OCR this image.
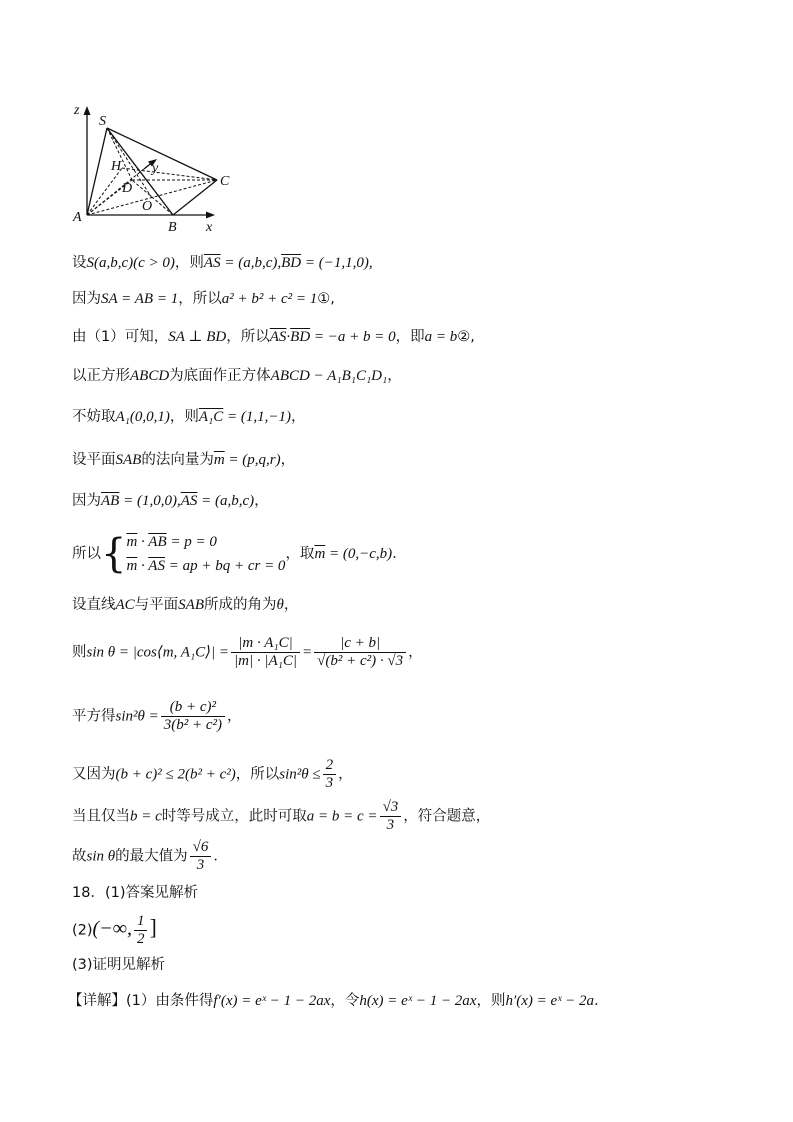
z
S
H y
D	C
O
A
B x
设S(a,b,c)(c > 0)，则$\overline{AS} = (a,b,c),\overline{BD} = (-1,1,0)$,
因为SA = AB = 1，所以a² + b² + c² = 1①,
由（1）可知，SA ⊥ BD，所以$\overline{AS}\cdot\overline{BD} = -a + b = 0$，即a = b②,
以正方形ABCD为底面作正方体ABCD − A₁B₁C₁D₁，
不妨取A₁(0,0,1)，则A₁C = (1,1,−1)，
设平面SAB的法向量为$\overline{m} = (p,q,r)$，
因为$\overline{AB} = (1,0,0),\overline{AS} = (a,b,c)$，
所以{ $\overline{m} \cdot \overline{AB} = p = 0$
$\overline{m} \cdot \overline{AS}$ = ap + bq + cr = 0
，取$\overline{m} = (0,-c,b)$．
设直线AC与平面SAB所成的角为θ，
则sin θ = |cos⟨m, A₁C⟩| = $\frac{\text{|m · A₁C|}}{\text{|m| · |A₁C|}} = \frac{|c + b|}{\text{√(b² + c²) · √3}}$ ，
平方得$\sin^2\theta = \frac{\text{(b + c)²}}{\text{3(b² + c²)}}$ ，
又因为(b + c)² ≤ 2(b² + c²)，所以$\sin^2\theta \le \frac{2}{3}$ ，
当且仅当b = c时等号成立，此时可取$a = b = c = \frac{√3}{3}$ ，符合题意，
故sin θ的最大值为 $\frac{√6}{3}$ ．
18．(1)答案见解析
(2)(−∞, $\frac{1}{2}$ ]
(3)证明见解析
【详解】(1）由条件得f′(x) = eˣ − 1 − 2ax，令h(x) = eˣ − 1 − 2ax，则h′(x) = eˣ − 2a．
